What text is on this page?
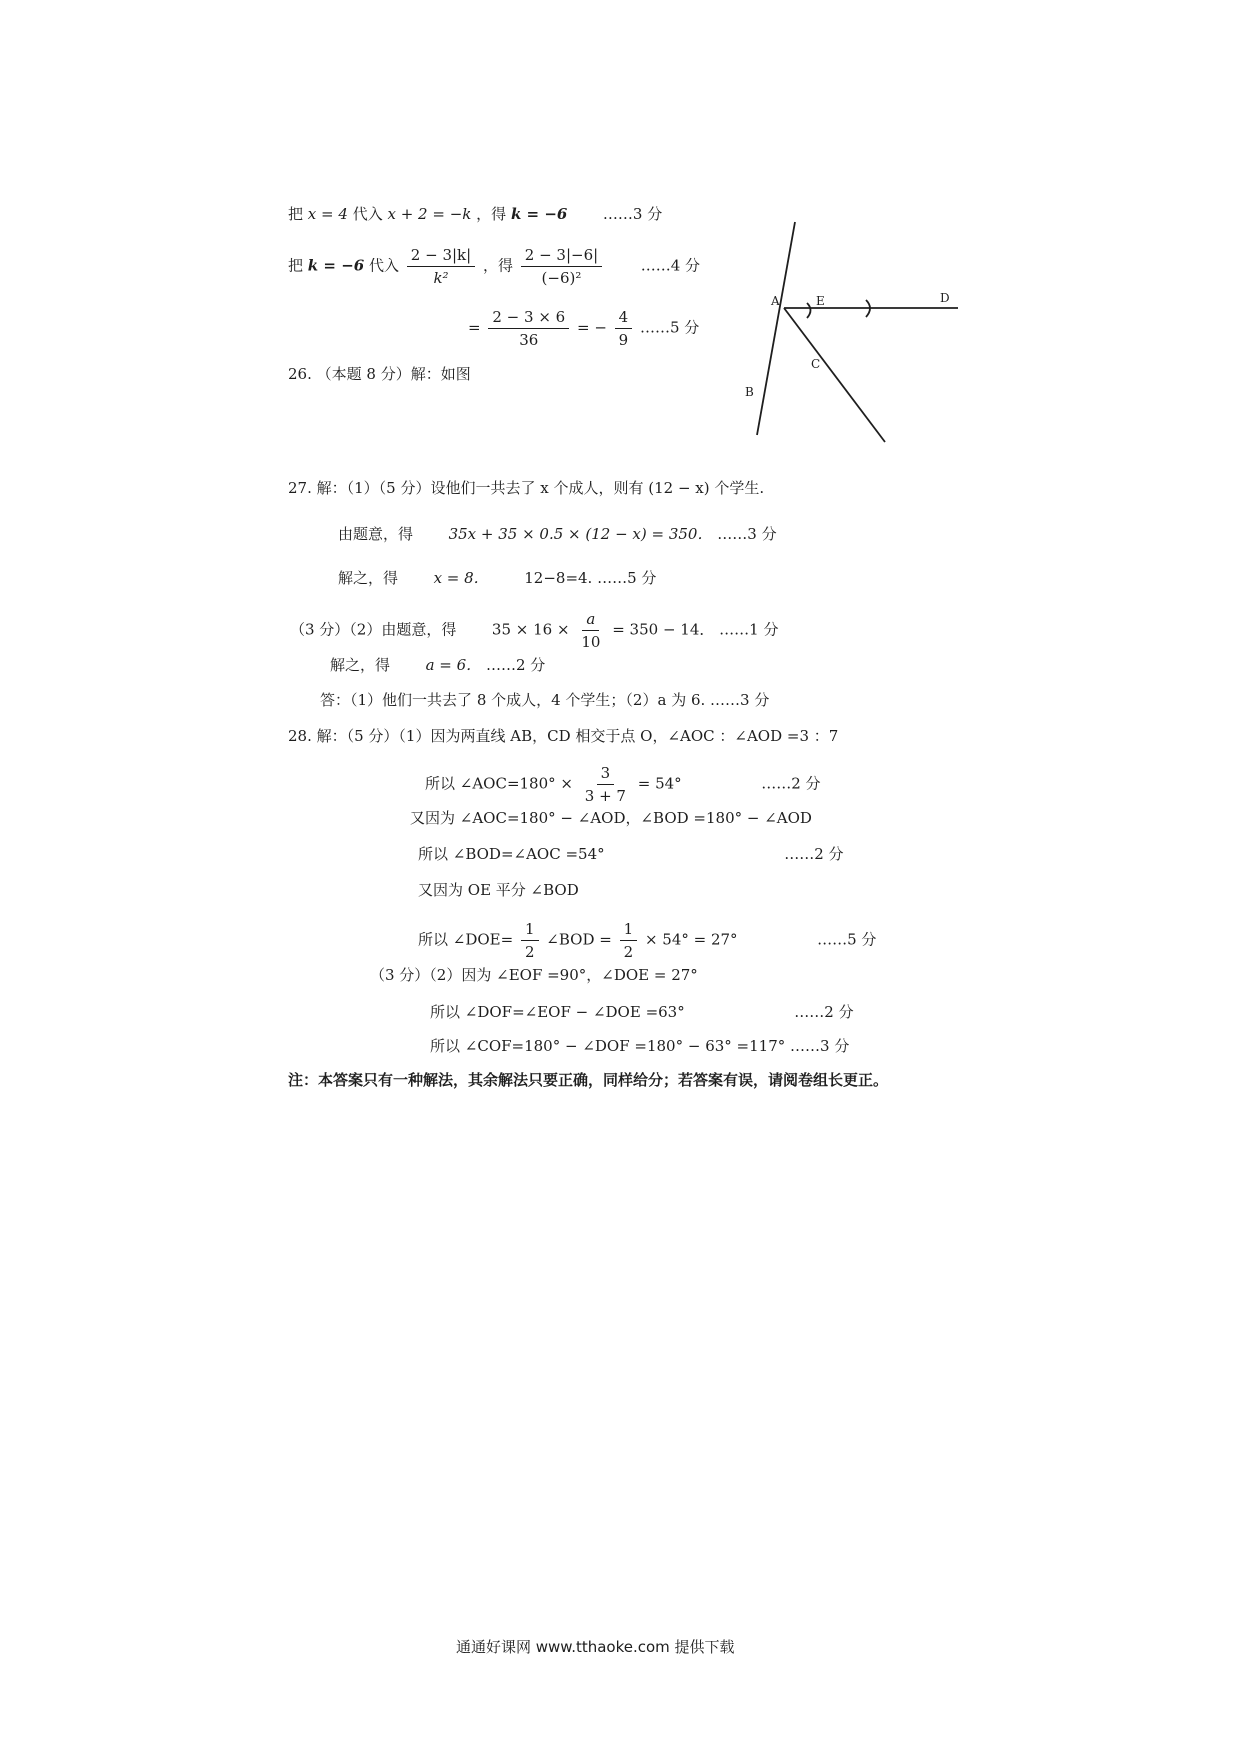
把 x = 4 代入 x + 2 = −k ，得 k = −6 ……3 分
把 k = −6 代入 $\frac{2 - 3|k|}{\text{k²}}$ ，得 $\frac{2 - 3|-6|}{\text{(−6)²}}$	……4 分
= $\frac{2 - 3 \times 6}{36}$ = − $\frac{4}{9}$ ……5 分
26. （本题 8 分）解：如图
A	E	D
C
B
27. 解：（1）（5 分）设他们一共去了 x 个成人，则有 (12 − x) 个学生.
由题意，得 35x + 35 × 0.5 × (12 − x) = 350． ……3 分
解之，得 x = 8． 12−8=4. ……5 分
（3 分）（2）由题意，得 $35 \times 16 \times \frac{a}{10} = 350 - 14$． ……1 分
解之，得 a = 6． ……2 分
答：（1）他们一共去了 8 个成人，4 个学生；（2）a 为 6. ……3 分
28. 解：（5 分）（1）因为两直线 AB，CD 相交于点 O，∠AOC ：∠AOD =3 ：7
所以 ∠AOC=180° × $\frac{3}{3 + 7} = 54^\circ$	……2 分
又因为 ∠AOC=180° − ∠AOD，∠BOD =180° − ∠AOD
所以 ∠BOD=∠AOC =54°	……2 分
又因为 OE 平分 ∠BOD
所以 ∠DOE= $\frac{1}{2}$ ∠BOD = $\frac{1}{2} \times 54^\circ = 27^\circ$	……5 分
（3 分）（2）因为 ∠EOF =90°，∠DOE = 27°
所以 ∠DOF=∠EOF − ∠DOE =63°	……2 分
所以 ∠COF=180° − ∠DOF =180° − 63° =117° ……3 分
注：本答案只有一种解法，其余解法只要正确，同样给分；若答案有误，请阅卷组长更正。
通通好课网 www.tthaoke.com 提供下载
